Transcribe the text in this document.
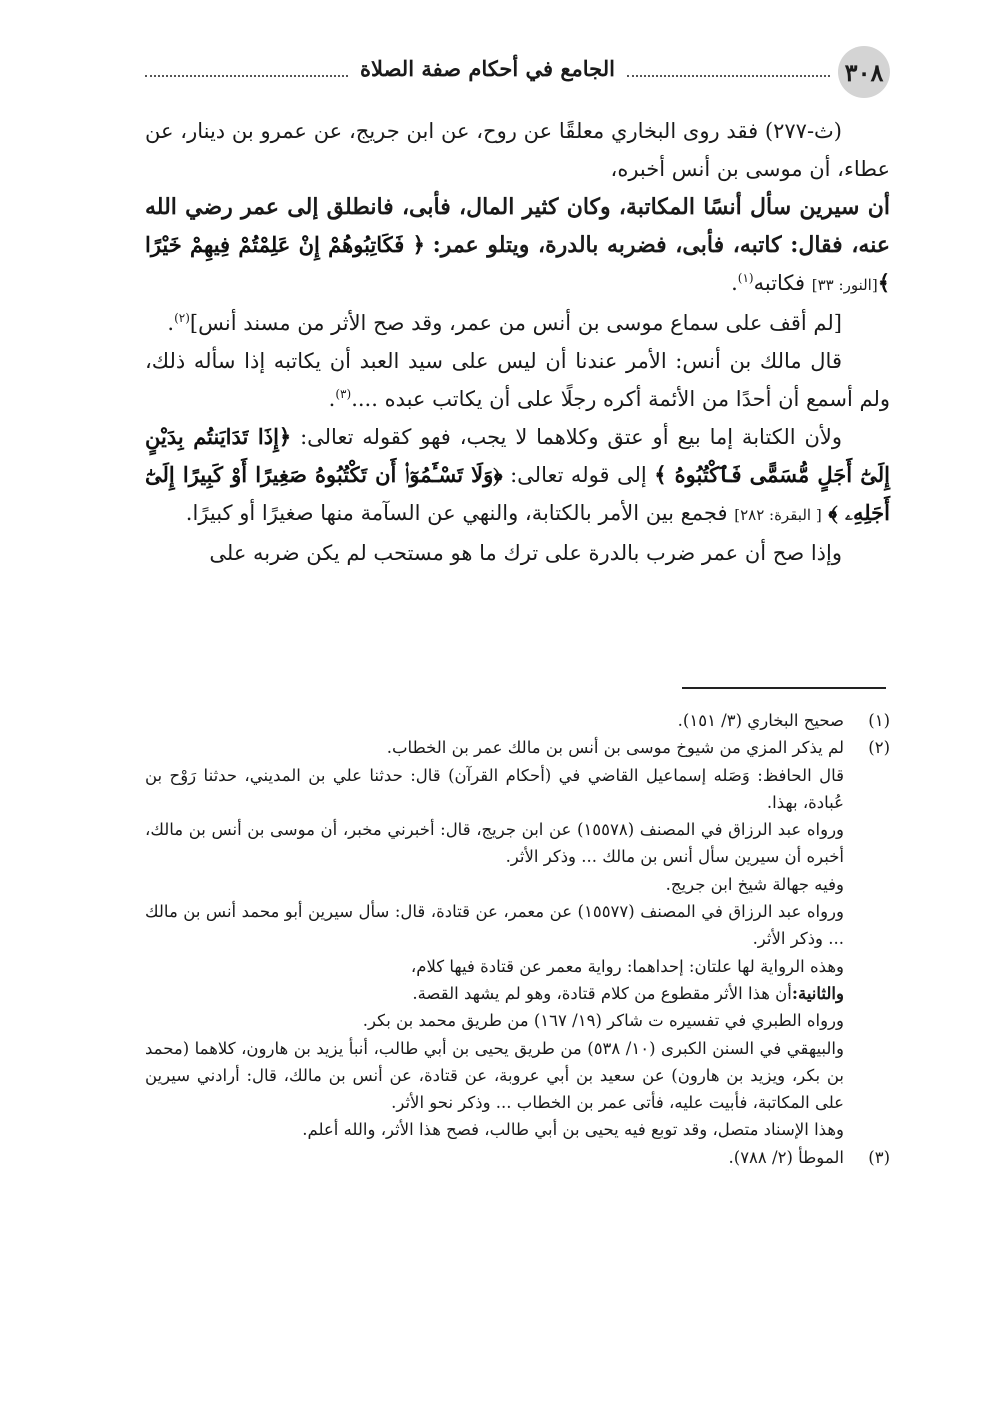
٣٠٨
الجامع في أحكام صفة الصلاة

(ث-٢٧٧) فقد روى البخاري معلقًا عن روح، عن ابن جريج، عن عمرو بن دينار، عن عطاء، أن موسى بن أنس أخبره،

أن سيرين سأل أنسًا المكاتبة، وكان كثير المال، فأبى، فانطلق إلى عمر رضي الله عنه، فقال: كاتبه، فأبى، فضربه بالدرة، ويتلو عمر: ﴿ فَكَاتِبُوهُمْ إِنْ عَلِمْتُمْ فِيهِمْ خَيْرًا ﴾[النور: ٣٣] فكاتبه$^{(١)}$.

[لم أقف على سماع موسى بن أنس من عمر، وقد صح الأثر من مسند أنس]$^{(٢)}$.

قال مالك بن أنس: الأمر عندنا أن ليس على سيد العبد أن يكاتبه إذا سأله ذلك، ولم أسمع أن أحدًا من الأئمة أكره رجلًا على أن يكاتب عبده ....$^{(٣)}$.

ولأن الكتابة إما بيع أو عتق وكلاهما لا يجب، فهو كقوله تعالى: ﴿إِذَا تَدَايَنتُم بِدَيْنٍ إِلَىٰٓ أَجَلٍ مُّسَمًّى فَٱكْتُبُوهُ ﴾ إلى قوله تعالى: ﴿وَلَا تَسْـَٔمُوٓا۟ أَن تَكْتُبُوهُ صَغِيرًا أَوْ كَبِيرًا إِلَىٰٓ أَجَلِهِۦ ﴾ [ البقرة: ٢٨٢] فجمع بين الأمر بالكتابة، والنهي عن السآمة منها صغيرًا أو كبيرًا.

وإذا صح أن عمر ضرب بالدرة على ترك ما هو مستحب لم يكن ضربه على

(١)

صحيح البخاري (٣/ ١٥١).

(٢)

لم يذكر المزي من شيوخ موسى بن أنس بن مالك عمر بن الخطاب.

قال الحافظ: وَصَله إسماعيل القاضي في (أحكام القرآن) قال: حدثنا علي بن المديني، حدثنا رَوْح بن عُبادة، بهذا.

ورواه عبد الرزاق في المصنف (١٥٥٧٨) عن ابن جريج، قال: أخبرني مخبر، أن موسى بن أنس بن مالك، أخبره أن سيرين سأل أنس بن مالك ... وذكر الأثر.

وفيه جهالة شيخ ابن جريج.

ورواه عبد الرزاق في المصنف (١٥٥٧٧) عن معمر، عن قتادة، قال: سأل سيرين أبو محمد أنس بن مالك ... وذكر الأثر.

وهذه الرواية لها علتان: إحداهما: رواية معمر عن قتادة فيها كلام،

والثانية:أن هذا الأثر مقطوع من كلام قتادة، وهو لم يشهد القصة.

ورواه الطبري في تفسيره ت شاكر (١٩/ ١٦٧) من طريق محمد بن بكر.

والبيهقي في السنن الكبرى (١٠/ ٥٣٨) من طريق يحيى بن أبي طالب، أنبأ يزيد بن هارون، كلاهما (محمد بن بكر، ويزيد بن هارون) عن سعيد بن أبي عروبة، عن قتادة، عن أنس بن مالك، قال: أرادني سيرين على المكاتبة، فأبيت عليه، فأتى عمر بن الخطاب ... وذكر نحو الأثر.

وهذا الإسناد متصل، وقد توبع فيه يحيى بن أبي طالب، فصح هذا الأثر، والله أعلم.

(٣)

الموطأ (٢/ ٧٨٨).
